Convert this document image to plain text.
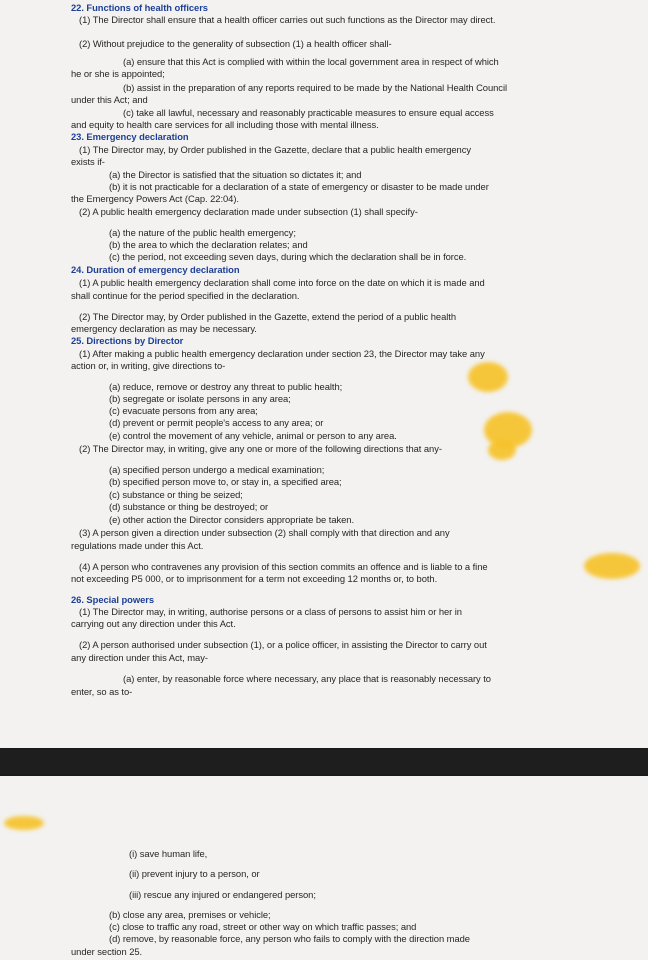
22. Functions of health officers
(1) The Director shall ensure that a health officer carries out such functions as the Director may direct.
(2) Without prejudice to the generality of subsection (1) a health officer shall-
(a) ensure that this Act is complied with within the local government area in respect of which
he or she is appointed;
(b) assist in the preparation of any reports required to be made by the National Health Council
under this Act; and
(c) take all lawful, necessary and reasonably practicable measures to ensure equal access
and equity to health care services for all including those with mental illness.
23. Emergency declaration
(1) The Director may, by Order published in the Gazette, declare that a public health emergency
exists if-
(a) the Director is satisfied that the situation so dictates it; and
(b) it is not practicable for a declaration of a state of emergency or disaster to be made under
the Emergency Powers Act (Cap. 22:04).
(2) A public health emergency declaration made under subsection (1) shall specify-
(a) the nature of the public health emergency;
(b) the area to which the declaration relates; and
(c) the period, not exceeding seven days, during which the declaration shall be in force.
24. Duration of emergency declaration
(1) A public health emergency declaration shall come into force on the date on which it is made and
shall continue for the period specified in the declaration.
(2) The Director may, by Order published in the Gazette, extend the period of a public health
emergency declaration as may be necessary.
25. Directions by Director
(1) After making a public health emergency declaration under section 23, the Director may take any
action or, in writing, give directions to-
(a) reduce, remove or destroy any threat to public health;
(b) segregate or isolate persons in any area;
(c) evacuate persons from any area;
(d) prevent or permit people's access to any area; or
(e) control the movement of any vehicle, animal or person to any area.
(2) The Director may, in writing, give any one or more of the following directions that any-
(a) specified person undergo a medical examination;
(b) specified person move to, or stay in, a specified area;
(c) substance or thing be seized;
(d) substance or thing be destroyed; or
(e) other action the Director considers appropriate be taken.
(3) A person given a direction under subsection (2) shall comply with that direction and any
regulations made under this Act.
(4) A person who contravenes any provision of this section commits an offence and is liable to a fine
not exceeding P5 000, or to imprisonment for a term not exceeding 12 months or, to both.
26. Special powers
(1) The Director may, in writing, authorise persons or a class of persons to assist him or her in
carrying out any direction under this Act.
(2) A person authorised under subsection (1), or a police officer, in assisting the Director to carry out
any direction under this Act, may-
(a) enter, by reasonable force where necessary, any place that is reasonably necessary to
enter, so as to-
(i) save human life,
(ii) prevent injury to a person, or
(iii) rescue any injured or endangered person;
(b) close any area, premises or vehicle;
(c) close to traffic any road, street or other way on which traffic passes; and
(d) remove, by reasonable force, any person who fails to comply with the direction made
under section 25.
